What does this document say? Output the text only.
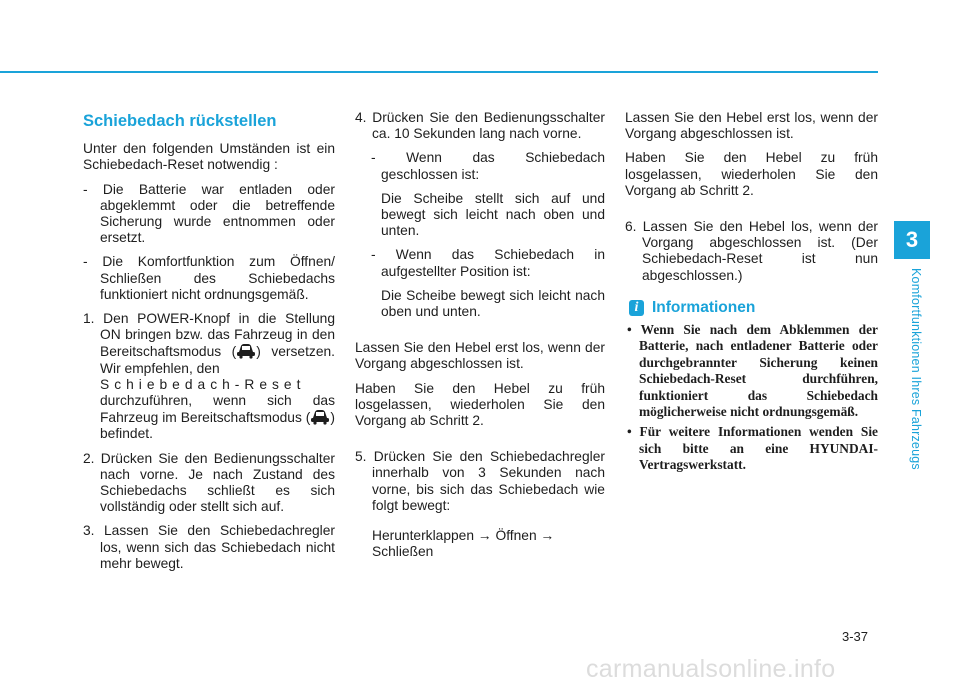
3
Komfortfunktionen Ihres Fahrzeugs
Schiebedach rückstellen

Unter den folgenden Umständen ist ein Schiebedach-Reset notwendig :

- Die Batterie war entladen oder abgeklemmt oder die betreffende Sicherung wurde entnommen oder ersetzt.

- Die Komfortfunktion zum Öffnen/ Schließen des Schiebedachs funktioniert nicht ordnungsgemäß.

1. Den POWER-Knopf in die Stellung ON bringen bzw. das Fahrzeug in den Bereitschaftsmodus ( ) versetzen. Wir empfehlen, den
Schiebedach-Reset
durchzuführen, wenn sich das Fahrzeug im Bereitschaftsmodus ( ) befindet.

2. Drücken Sie den Bedienungsschalter nach vorne. Je nach Zustand des Schiebedachs schließt es sich vollständig oder stellt sich auf.

3. Lassen Sie den Schiebedachregler los, wenn sich das Schiebedach nicht mehr bewegt.

4. Drücken Sie den Bedienungsschalter ca. 10 Sekunden lang nach vorne.

- Wenn das Schiebedach geschlossen ist:

Die Scheibe stellt sich auf und bewegt sich leicht nach oben und unten.

- Wenn das Schiebedach in aufgestellter Position ist:

Die Scheibe bewegt sich leicht nach oben und unten.

Lassen Sie den Hebel erst los, wenn der Vorgang abgeschlossen ist.

Haben Sie den Hebel zu früh losgelassen, wiederholen Sie den Vorgang ab Schritt 2.

5. Drücken Sie den Schiebedachregler innerhalb von 3 Sekunden nach vorne, bis sich das Schiebedach wie folgt bewegt:

Herunterklappen → Öffnen → Schließen

Lassen Sie den Hebel erst los, wenn der Vorgang abgeschlossen ist.

Haben Sie den Hebel zu früh losgelassen, wiederholen Sie den Vorgang ab Schritt 2.

6. Lassen Sie den Hebel los, wenn der Vorgang abgeschlossen ist. (Der Schiebedach-Reset ist nun abgeschlossen.)

i Informationen
• Wenn Sie nach dem Abklemmen der Batterie, nach entladener Batterie oder durchgebrannter Sicherung keinen Schiebedach-Reset durchführen, funktioniert das Schiebedach möglicherweise nicht ordnungsgemäß.
• Für weitere Informationen wenden Sie sich bitte an eine HYUNDAI-Vertragswerkstatt.
3-37
carmanualsonline.info
